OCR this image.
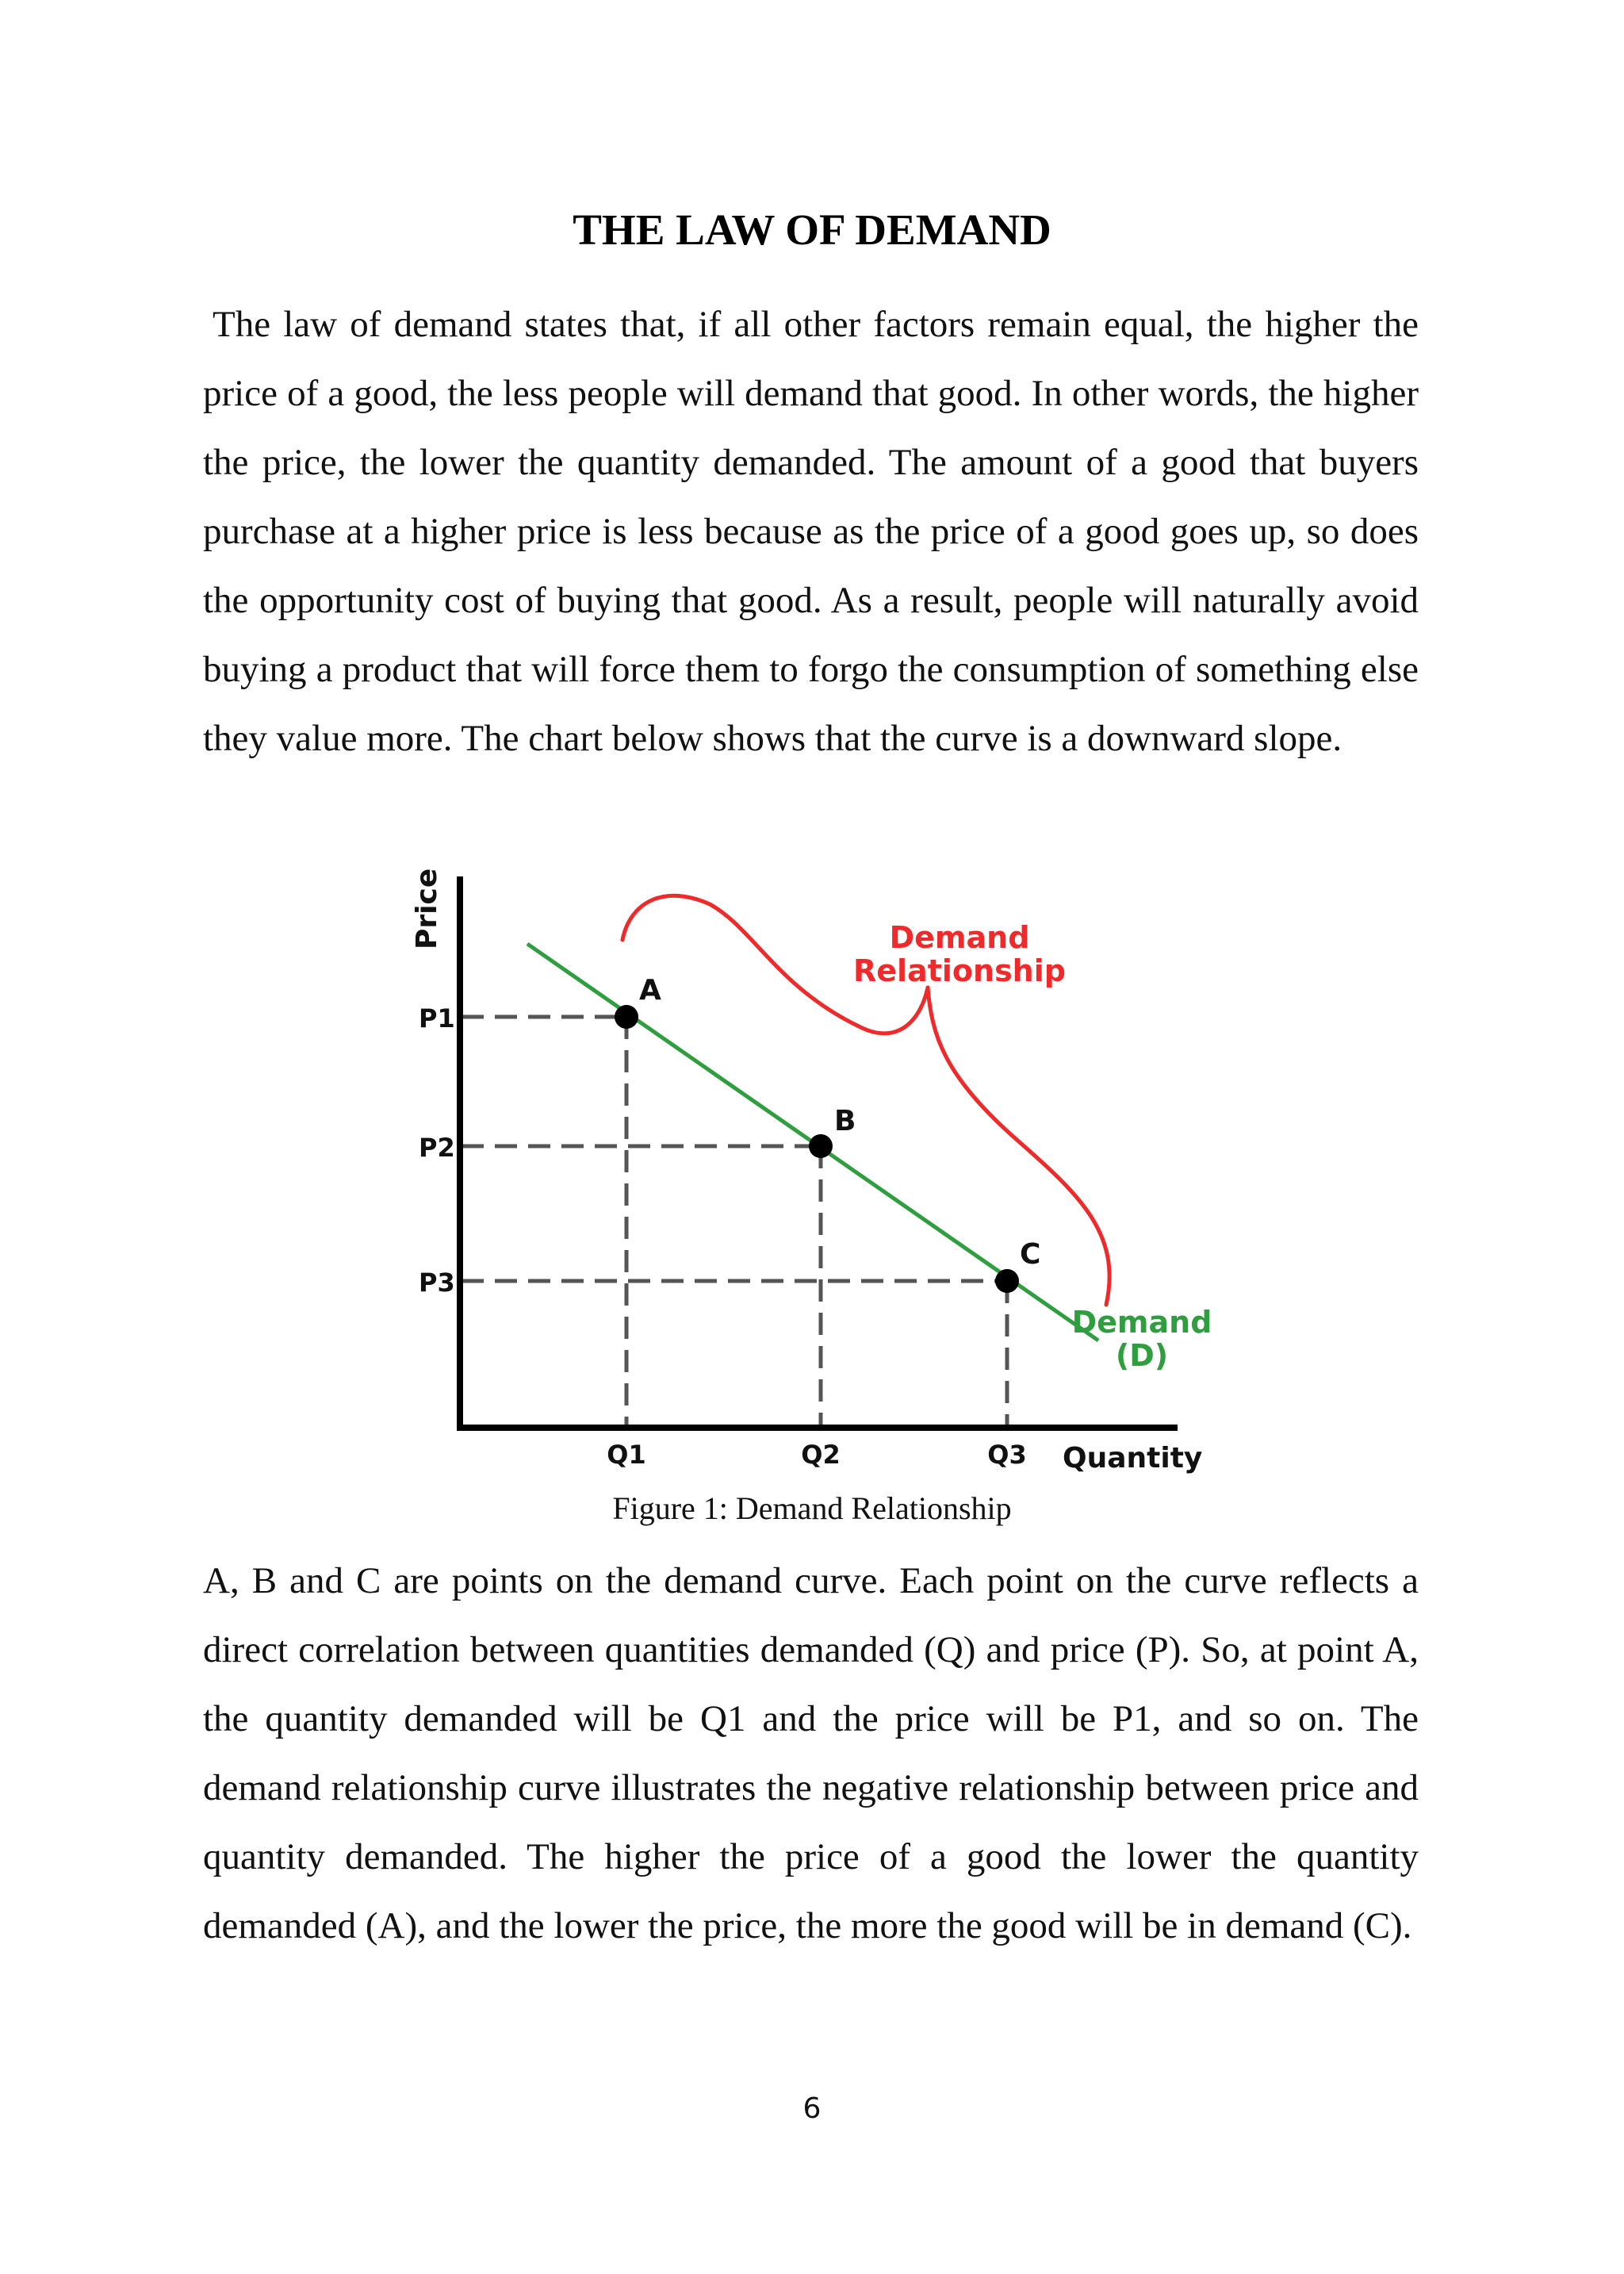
THE LAW OF DEMAND

The law of demand states that, if all other factors remain equal, the higher the price of a good, the less people will demand that good. In other words, the higher the price, the lower the quantity demanded. The amount of a good that buyers purchase at a higher price is less because as the price of a good goes up, so does the opportunity cost of buying that good. As a result, people will naturally avoid buying a product that will force them to forgo the consumption of something else they value more. The chart below shows that the curve is a downward slope.

A
B
C
Price
P1
P2
P3
Q1	Q2	Q3 Quantity
Demand
Relationship
Demand
(D)

Figure 1: Demand Relationship

A, B and C are points on the demand curve. Each point on the curve reflects a direct correlation between quantities demanded (Q) and price (P). So, at point A, the quantity demanded will be Q1 and the price will be P1, and so on. The demand relationship curve illustrates the negative relationship between price and quantity demanded. The higher the price of a good the lower the quantity demanded (A), and the lower the price, the more the good will be in demand (C).

6
